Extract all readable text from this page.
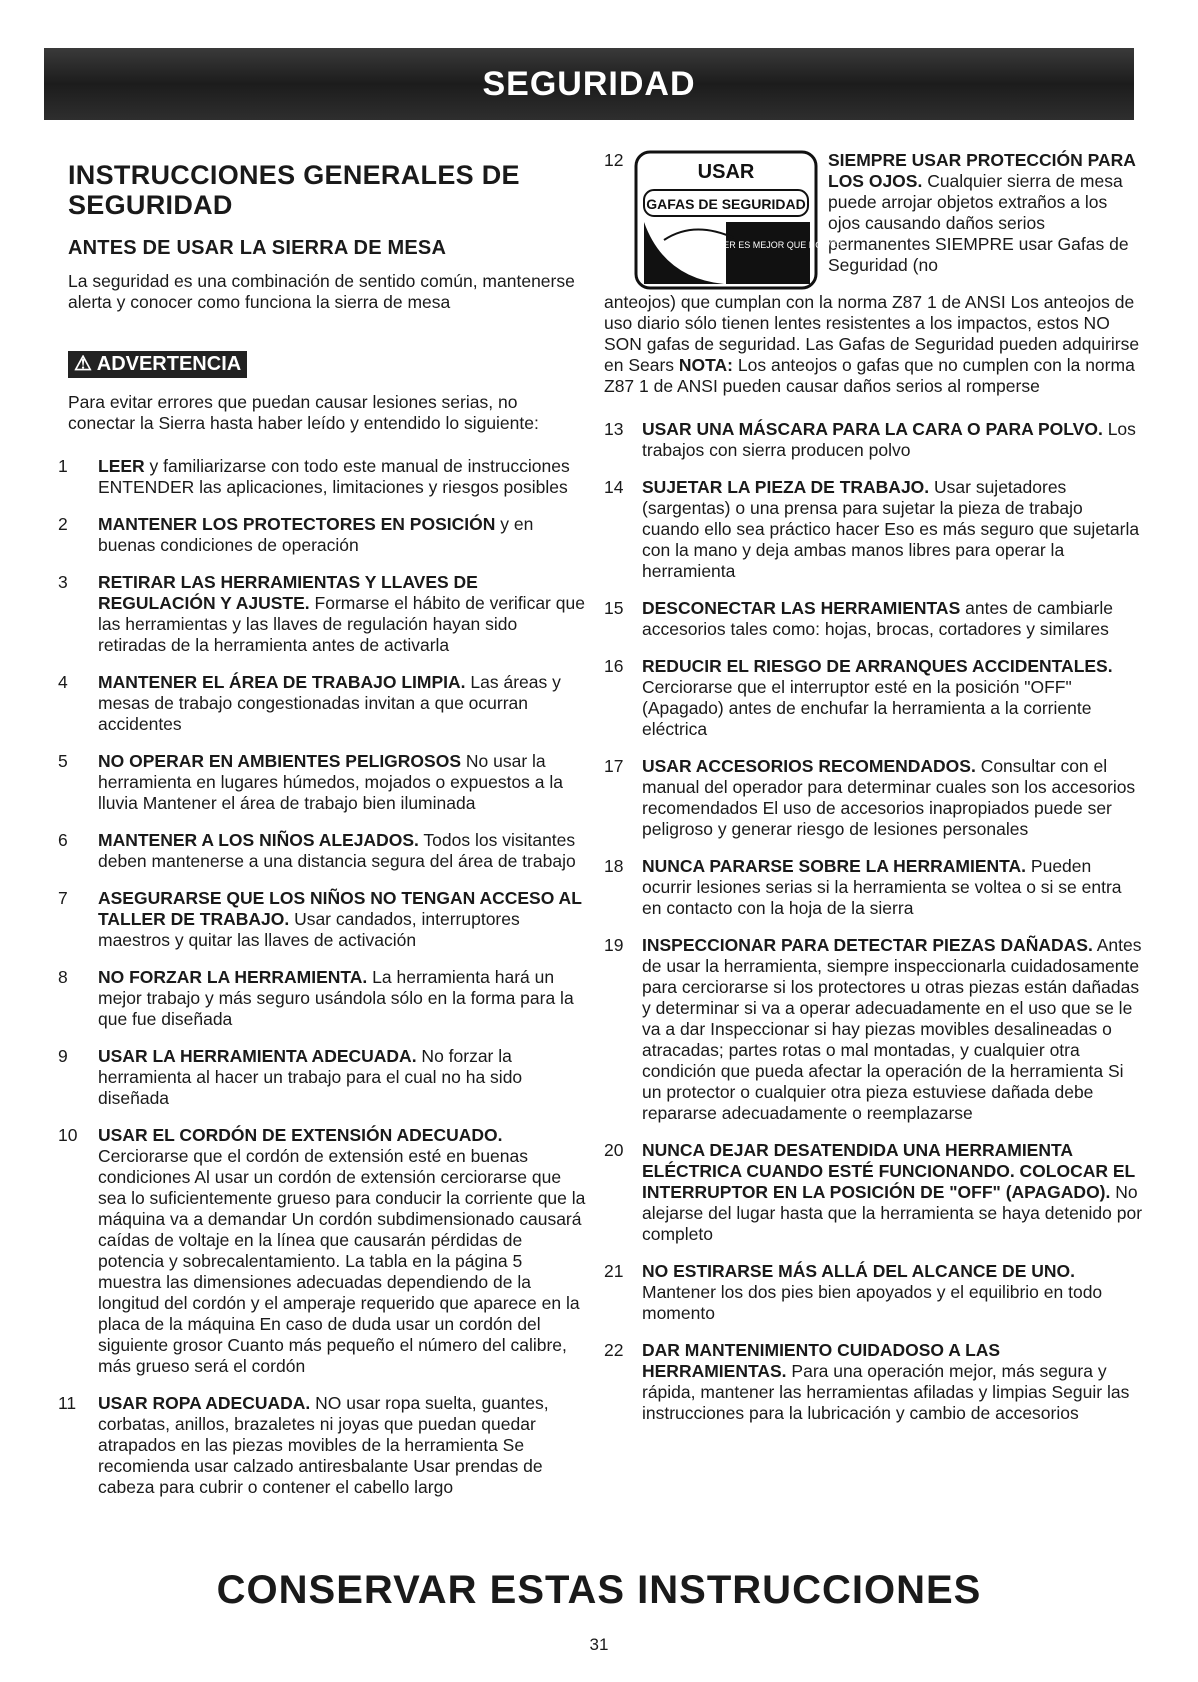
SEGURIDAD
INSTRUCCIONES GENERALES DE SEGURIDAD
ANTES DE USAR LA SIERRA DE MESA
La seguridad es una combinación de sentido común, mantenerse alerta y conocer como funciona la sierra de mesa
⚠ ADVERTENCIA
Para evitar errores que puedan causar lesiones serias, no conectar la Sierra hasta haber leído y entendido lo siguiente:
1	LEER y familiarizarse con todo este manual de instrucciones ENTENDER las aplicaciones, limitaciones y riesgos posibles
2	MANTENER LOS PROTECTORES EN POSICIÓN y en buenas condiciones de operación
3	RETIRAR LAS HERRAMIENTAS Y LLAVES DE REGULACIÓN Y AJUSTE. Formarse el hábito de verificar que las herramientas y las llaves de regulación hayan sido retiradas de la herramienta antes de activarla
4	MANTENER EL ÁREA DE TRABAJO LIMPIA. Las áreas y mesas de trabajo congestionadas invitan a que ocurran accidentes
5	NO OPERAR EN AMBIENTES PELIGROSOS No usar la herramienta en lugares húmedos, mojados o expuestos a la lluvia Mantener el área de trabajo bien iluminada
6	MANTENER A LOS NIÑOS ALEJADOS. Todos los visitantes deben mantenerse a una distancia segura del área de trabajo
7	ASEGURARSE QUE LOS NIÑOS NO TENGAN ACCESO AL TALLER DE TRABAJO. Usar candados, interruptores maestros y quitar las llaves de activación
8	NO FORZAR LA HERRAMIENTA. La herramienta hará un mejor trabajo y más seguro usándola sólo en la forma para la que fue diseñada
9	USAR LA HERRAMIENTA ADECUADA. No forzar la herramienta al hacer un trabajo para el cual no ha sido diseñada
10	USAR EL CORDÓN DE EXTENSIÓN ADECUADO. Cerciorarse que el cordón de extensión esté en buenas condiciones Al usar un cordón de extensión cerciorarse que sea lo suficientemente grueso para conducir la corriente que la máquina va a demandar Un cordón subdimensionado causará caídas de voltaje en la línea que causarán pérdidas de potencia y sobrecalentamiento. La tabla en la página 5 muestra las dimensiones adecuadas dependiendo de la longitud del cordón y el amperaje requerido que aparece en la placa de la máquina En caso de duda usar un cordón del siguiente grosor Cuanto más pequeño el número del calibre, más grueso será el cordón
11	USAR ROPA ADECUADA. NO usar ropa suelta, guantes, corbatas, anillos, brazaletes ni joyas que puedan quedar atrapados en las piezas movibles de la herramienta Se recomienda usar calzado antiresbalante Usar prendas de cabeza para cubrir o contener el cabello largo
12
USAR
GAFAS DE SEGURIDAD
PREVEER ES MEJOR QUE NO VER
SIEMPRE USAR PROTECCIÓN PARA LOS OJOS. Cualquier sierra de mesa puede arrojar objetos extraños a los ojos causando daños serios permanentes SIEMPRE usar Gafas de Seguridad (no
anteojos) que cumplan con la norma Z87 1 de ANSI Los anteojos de uso diario sólo tienen lentes resistentes a los impactos, estos NO SON gafas de seguridad. Las Gafas de Seguridad pueden adquirirse en Sears NOTA: Los anteojos o gafas que no cumplen con la norma Z87 1 de ANSI pueden causar daños serios al romperse
13	USAR UNA MÁSCARA PARA LA CARA O PARA POLVO. Los trabajos con sierra producen polvo
14	SUJETAR LA PIEZA DE TRABAJO. Usar sujetadores (sargentas) o una prensa para sujetar la pieza de trabajo cuando ello sea práctico hacer Eso es más seguro que sujetarla con la mano y deja ambas manos libres para operar la herramienta
15	DESCONECTAR LAS HERRAMIENTAS antes de cambiarle accesorios tales como: hojas, brocas, cortadores y similares
16	REDUCIR EL RIESGO DE ARRANQUES ACCIDENTALES. Cerciorarse que el interruptor esté en la posición "OFF" (Apagado) antes de enchufar la herramienta a la corriente eléctrica
17	USAR ACCESORIOS RECOMENDADOS. Consultar con el manual del operador para determinar cuales son los accesorios recomendados El uso de accesorios inapropiados puede ser peligroso y generar riesgo de lesiones personales
18	NUNCA PARARSE SOBRE LA HERRAMIENTA. Pueden ocurrir lesiones serias si la herramienta se voltea o si se entra en contacto con la hoja de la sierra
19	INSPECCIONAR PARA DETECTAR PIEZAS DAÑADAS. Antes de usar la herramienta, siempre inspeccionarla cuidadosamente para cerciorarse si los protectores u otras piezas están dañadas y determinar si va a operar adecuadamente en el uso que se le va a dar Inspeccionar si hay piezas movibles desalineadas o atracadas; partes rotas o mal montadas, y cualquier otra condición que pueda afectar la operación de la herramienta Si un protector o cualquier otra pieza estuviese dañada debe repararse adecuadamente o reemplazarse
20	NUNCA DEJAR DESATENDIDA UNA HERRAMIENTA ELÉCTRICA CUANDO ESTÉ FUNCIONANDO. COLOCAR EL INTERRUPTOR EN LA POSICIÓN DE "OFF" (APAGADO). No alejarse del lugar hasta que la herramienta se haya detenido por completo
21	NO ESTIRARSE MÁS ALLÁ DEL ALCANCE DE UNO. Mantener los dos pies bien apoyados y el equilibrio en todo momento
22	DAR MANTENIMIENTO CUIDADOSO A LAS HERRAMIENTAS. Para una operación mejor, más segura y rápida, mantener las herramientas afiladas y limpias Seguir las instrucciones para la lubricación y cambio de accesorios
CONSERVAR ESTAS INSTRUCCIONES
31
